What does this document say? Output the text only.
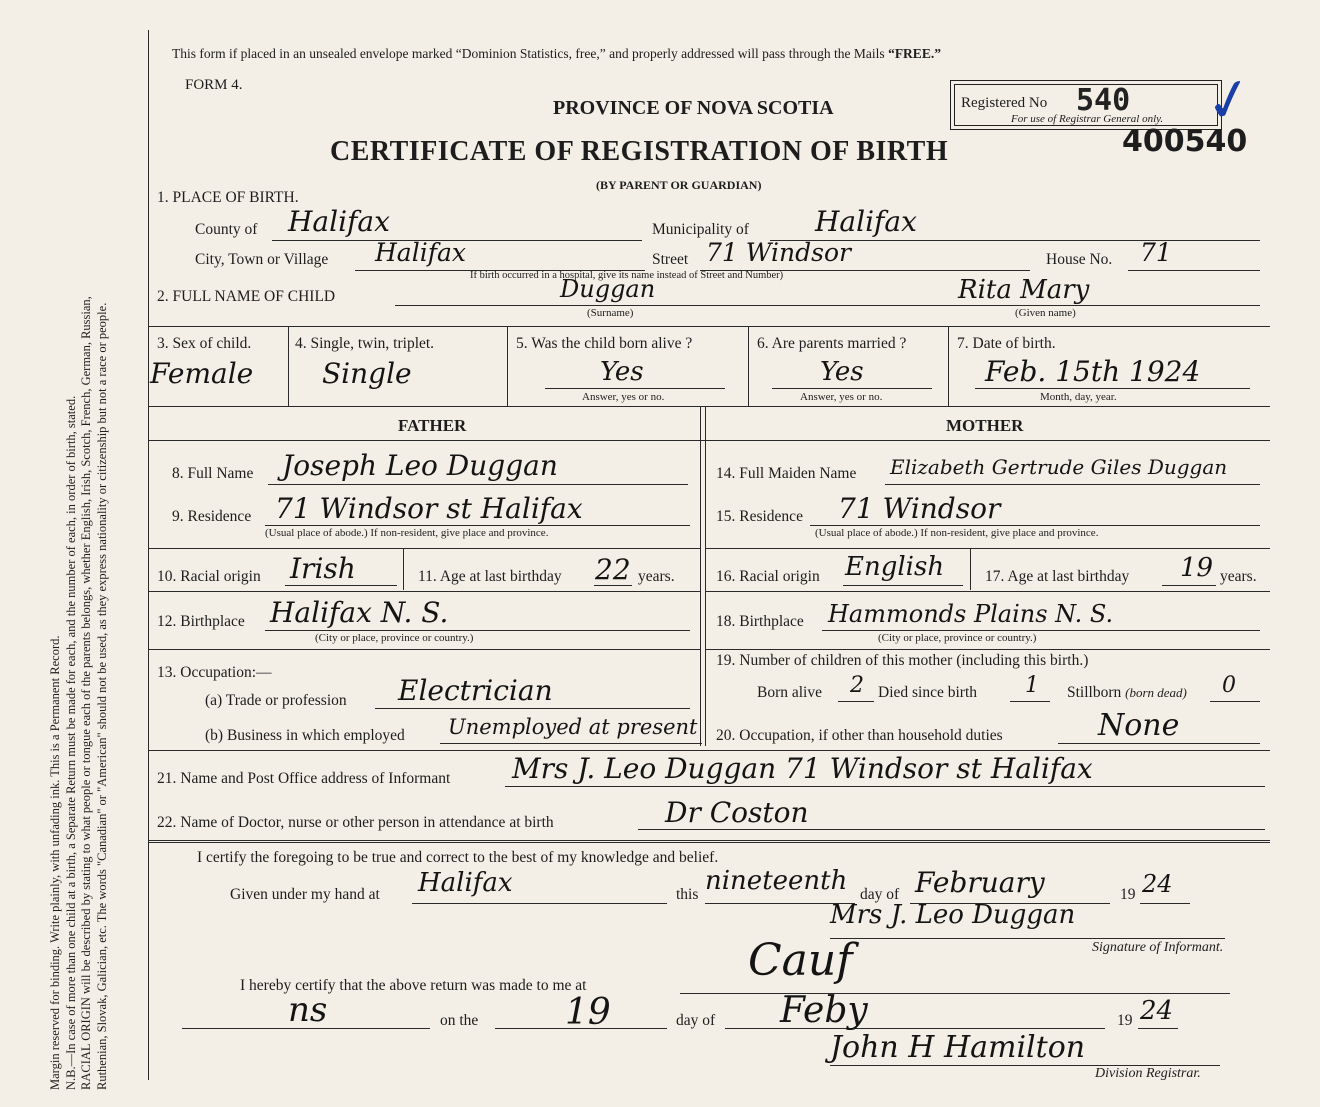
Margin reserved for binding. Write plainly, with unfading ink. This is a Permanent Record. N.B.—In case of more than one child at a birth, a Separate Return must be made for each, and the number of each, in order of birth, stated. RACIAL ORIGIN will be described by stating to what people or tongue each of the parents belongs, whether English, Irish, Scotch, French, German, Russian, Ruthenian, Slovak, Galician, etc. The words "Canadian" or "American" should not be used, as they express nationality or citizenship but not a race or people.
This form if placed in an unsealed envelope marked “Dominion Statistics, free,” and properly addressed will pass through the Mails “FREE.”
FORM 4.
PROVINCE OF NOVA SCOTIA
CERTIFICATE OF REGISTRATION OF BIRTH
(BY PARENT OR GUARDIAN)
Registered No 540
For use of Registrar General only. ✓
400540
1. PLACE OF BIRTH.
County of Halifax	Municipality of Halifax
City, Town or Village Halifax	Street 71 Windsor	House No. 71
If birth occurred in a hospital, give its name instead of Street and Number)
2. FULL NAME OF CHILD	Duggan
(Surname)
Rita Mary
(Given name)
3. Sex of child.
Female
4. Single, twin, triplet.
Single
5. Was the child born alive ?
Yes
Answer, yes or no.
6. Are parents married ?
Yes
Answer, yes or no.
7. Date of birth.
Feb. 15th 1924
Month, day, year.
FATHER	MOTHER
8. Full Name Joseph Leo Duggan
9. Residence 71 Windsor st Halifax
(Usual place of abode.) If non-resident, give place and province.
10. Racial origin Irish	11. Age at last birthday 22 years.
12. Birthplace Halifax N. S.
(City or place, province or country.)
13. Occupation:—
(a) Trade or profession Electrician
(b) Business in which employed Unemployed at present
14. Full Maiden Name Elizabeth Gertrude Giles Duggan
15. Residence 71 Windsor
(Usual place of abode.) If non-resident, give place and province.
16. Racial origin English	17. Age at last birthday 19 years.
18. Birthplace Hammonds Plains N. S.
(City or place, province or country.)
19. Number of children of this mother (including this birth.)
Born alive 2 Died since birth 1 Stillborn (born dead) 0
20. Occupation, if other than household duties	None
21. Name and Post Office address of Informant Mrs J. Leo Duggan 71 Windsor st Halifax
22. Name of Doctor, nurse or other person in attendance at birth	Dr Coston
I certify the foregoing to be true and correct to the best of my knowledge and belief.
Given under my hand at Halifax	this nineteenth day of February	19 24
Mrs J. Leo Duggan
Signature of Informant.
I hereby certify that the above return was made to me at	Cauf
ns	on the 19	day of Feby	19 24
John H Hamilton
Division Registrar.
